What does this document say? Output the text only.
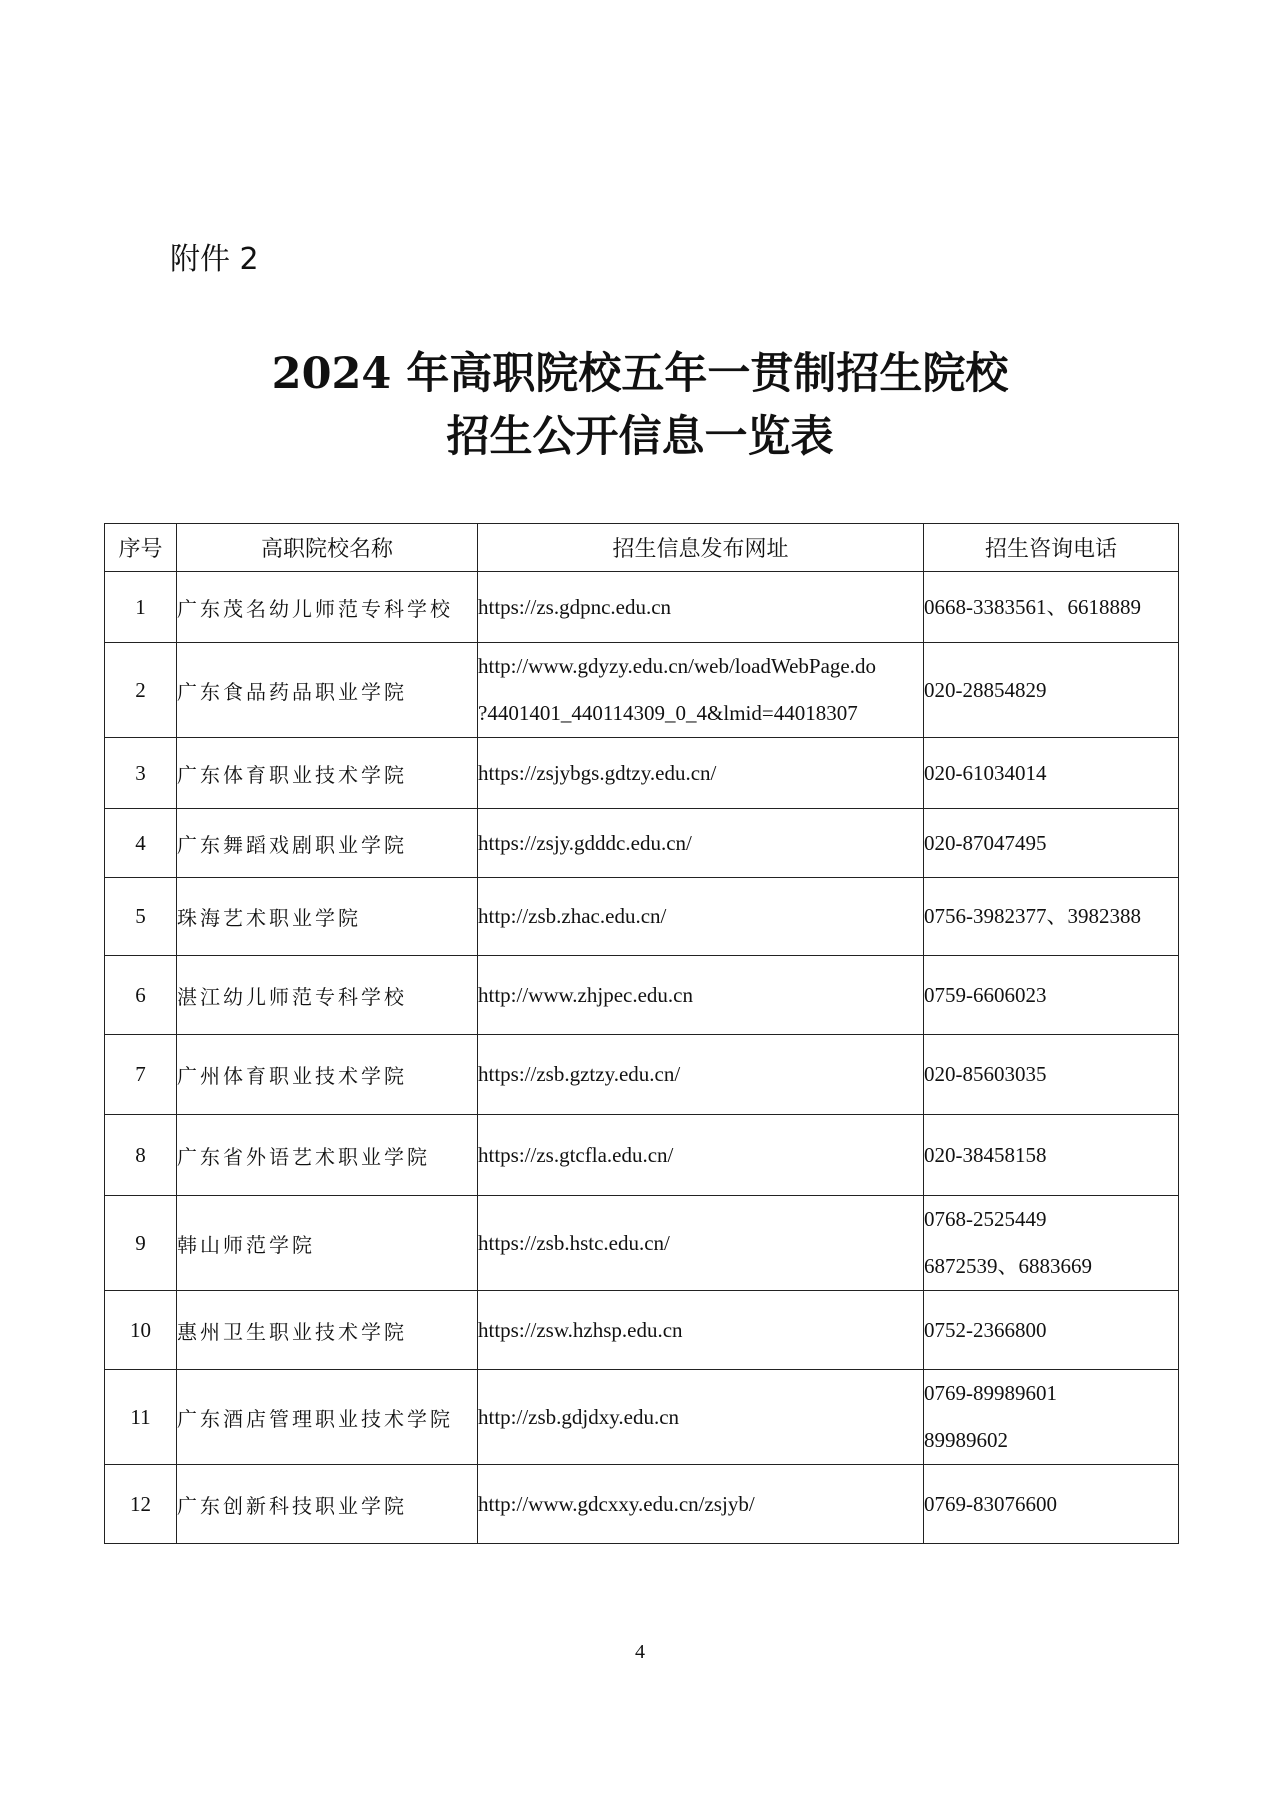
附件 2
2024 年高职院校五年一贯制招生院校
招生公开信息一览表
序号	高职院校名称	招生信息发布网址	招生咨询电话
1	广东茂名幼儿师范专科学校	https://zs.gdpnc.edu.cn	0668-3383561、6618889

2	广东食品药品职业学院	http://www.gdyzy.edu.cn/web/loadWebPage.do
?4401401_440114309_0_4&lmid=44018307	020-28854829

3	广东体育职业技术学院	https://zsjybgs.gdtzy.edu.cn/	020-61034014

4	广东舞蹈戏剧职业学院	https://zsjy.gdddc.edu.cn/	020-87047495

5	珠海艺术职业学院	http://zsb.zhac.edu.cn/	0756-3982377、3982388

6	湛江幼儿师范专科学校	http://www.zhjpec.edu.cn	0759-6606023

7	广州体育职业技术学院	https://zsb.gztzy.edu.cn/	020-85603035

8	广东省外语艺术职业学院	https://zs.gtcfla.edu.cn/	020-38458158

9	韩山师范学院	https://zsb.hstc.edu.cn/	0768-2525449
6872539、6883669

10	惠州卫生职业技术学院	https://zsw.hzhsp.edu.cn	0752-2366800

11	广东酒店管理职业技术学院	http://zsb.gdjdxy.edu.cn	0769-89989601
89989602

12	广东创新科技职业学院	http://www.gdcxxy.edu.cn/zsjyb/	0769-83076600
4
